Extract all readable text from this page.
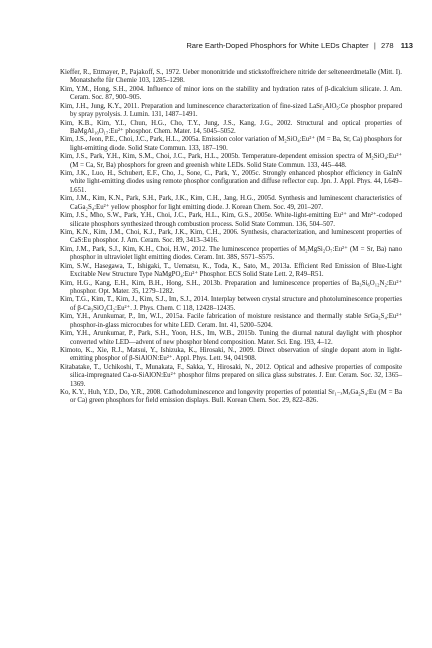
Rare Earth-Doped Phosphors for White LEDs Chapter | 278 113

Kieffer, R., Ettmayer, P., Pajakoff, S., 1972. Ueber mononitride und stickstoffreichere nitride der selteneerdmetalle (Mitt. I). Monatshefte für Chemie 103, 1285–1298.

Kim, Y.M., Hong, S.H., 2004. Influence of minor ions on the stability and hydration rates of β-dicalcium silicate. J. Am. Ceram. Soc. 87, 900–905.

Kim, J.H., Jung, K.Y., 2011. Preparation and luminescence characterization of fine-sized LaSr₂AlO₅:Ce phosphor prepared by spray pyrolysis. J. Lumin. 131, 1487–1491.

Kim, K.B., Kim, Y.I., Chun, H.G., Cho, T.Y., Jung, J.S., Kang, J.G., 2002. Structural and optical properties of BaMgAl₁₀O₁₇:Eu²⁺ phosphor. Chem. Mater. 14, 5045–5052.

Kim, J.S., Jeon, P.E., Choi, J.C., Park, H.L., 2005a. Emission color variation of M₂SiO₄:Eu²⁺ (M = Ba, Sr, Ca) phosphors for light-emitting diode. Solid State Commun. 133, 187–190.

Kim, J.S., Park, Y.H., Kim, S.M., Choi, J.C., Park, H.L., 2005b. Temperature-dependent emission spectra of M₂SiO₄:Eu²⁺ (M = Ca, Sr, Ba) phosphors for green and greenish white LEDs. Solid State Commun. 133, 445–448.

Kim, J.K., Luo, H., Schubert, E.F., Cho, J., Sone, C., Park, Y., 2005c. Strongly enhanced phosphor efficiency in GaInN white light-emitting diodes using remote phosphor configuration and diffuse reflector cup. Jpn. J. Appl. Phys. 44, L649–L651.

Kim, J.M., Kim, K.N., Park, S.H., Park, J.K., Kim, C.H., Jang, H.G., 2005d. Synthesis and luminescent characteristics of CaGa₂S₄:Eu²⁺ yellow phosphor for light emitting diode. J. Korean Chem. Soc. 49, 201–207.

Kim, J.S., Mho, S.W., Park, Y.H., Choi, J.C., Park, H.L., Kim, G.S., 2005e. White-light-emitting Eu²⁺ and Mn²⁺-codoped silicate phosphors synthesized through combustion process. Solid State Commun. 136, 504–507.

Kim, K.N., Kim, J.M., Choi, K.J., Park, J.K., Kim, C.H., 2006. Synthesis, characterization, and luminescent properties of CaS:Eu phosphor. J. Am. Ceram. Soc. 89, 3413–3416.

Kim, J.M., Park, S.J., Kim, K.H., Choi, H.W., 2012. The luminescence properties of M₂MgSi₂O₇:Eu²⁺ (M = Sr, Ba) nano phosphor in ultraviolet light emitting diodes. Ceram. Int. 38S, S571–S575.

Kim, S.W., Hasegawa, T., Ishigaki, T., Uematsu, K., Toda, K., Sato, M., 2013a. Efficient Red Emission of Blue-Light Excitable New Structure Type NaMgPO₄:Eu²⁺ Phosphor. ECS Solid State Lett. 2, R49–R51.

Kim, H.G., Kang, E.H., Kim, B.H., Hong, S.H., 2013b. Preparation and luminescence properties of Ba₃Si₆O₁₂N₂:Eu²⁺ phosphor. Opt. Mater. 35, 1279–1282.

Kim, T.G., Kim, T., Kim, J., Kim, S.J., Im, S.J., 2014. Interplay between crystal structure and photoluminescence properties of β-Ca₃SiO₄Cl₂:Eu²⁺. J. Phys. Chem. C 118, 12428–12435.

Kim, Y.H., Arunkumar, P., Im, W.I., 2015a. Facile fabrication of moisture resistance and thermally stable SrGa₂S₄:Eu²⁺ phosphor-in-glass microcubes for white LED. Ceram. Int. 41, 5200–5204.

Kim, Y.H., Arunkumar, P., Park, S.H., Yoon, H.S., Im, W.B., 2015b. Tuning the diurnal natural daylight with phosphor converted white LED—advent of new phosphor blend composition. Mater. Sci. Eng. 193, 4–12.

Kimoto, K., Xie, R.J., Matsui, Y., Ishizuka, K., Hirosaki, N., 2009. Direct observation of single dopant atom in light-emitting phosphor of β-SiAlON:Eu²⁺. Appl. Phys. Lett. 94, 041908.

Kitabatake, T., Uchikoshi, T., Munakata, F., Sakka, Y., Hirosaki, N., 2012. Optical and adhesive properties of composite silica-impregnated Ca-α-SiAlON:Eu²⁺ phosphor films prepared on silica glass substrates. J. Eur. Ceram. Soc. 32, 1365–1369.

Ko, K.Y., Huh, Y.D., Do, Y.R., 2008. Cathodoluminescence and longevity properties of potential Sr₁₋ₓMₓGa₂S₄:Eu (M = Ba or Ca) green phosphors for field emission displays. Bull. Korean Chem. Soc. 29, 822–826.
